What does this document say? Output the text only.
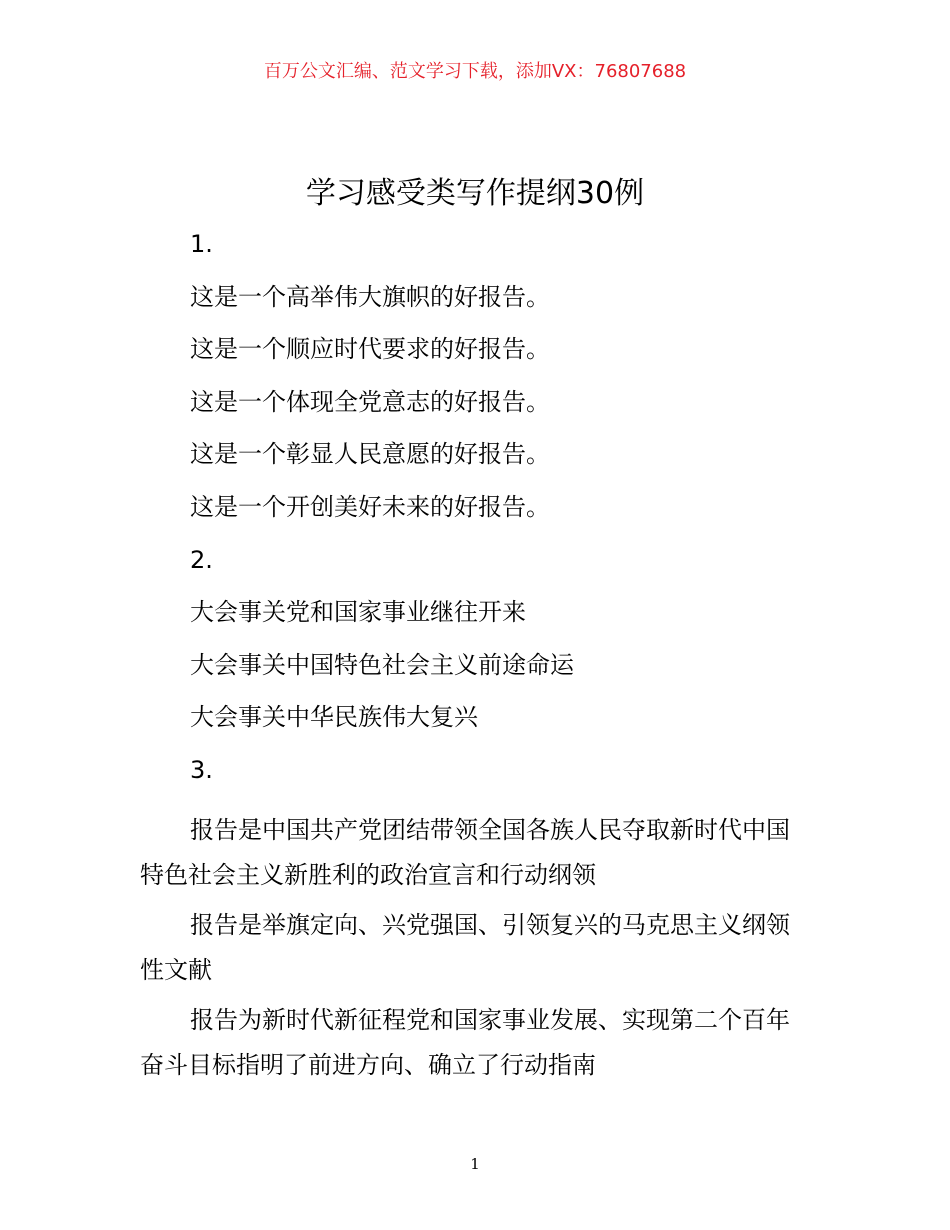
百万公文汇编、范文学习下载，添加VX：76807688
学习感受类写作提纲30例
1.
这是一个高举伟大旗帜的好报告。
这是一个顺应时代要求的好报告。
这是一个体现全党意志的好报告。
这是一个彰显人民意愿的好报告。
这是一个开创美好未来的好报告。
2.
大会事关党和国家事业继往开来
大会事关中国特色社会主义前途命运
大会事关中华民族伟大复兴
3.
报告是中国共产党团结带领全国各族人民夺取新时代中国特色社会主义新胜利的政治宣言和行动纲领
报告是举旗定向、兴党强国、引领复兴的马克思主义纲领性文献
报告为新时代新征程党和国家事业发展、实现第二个百年奋斗目标指明了前进方向、确立了行动指南
1
